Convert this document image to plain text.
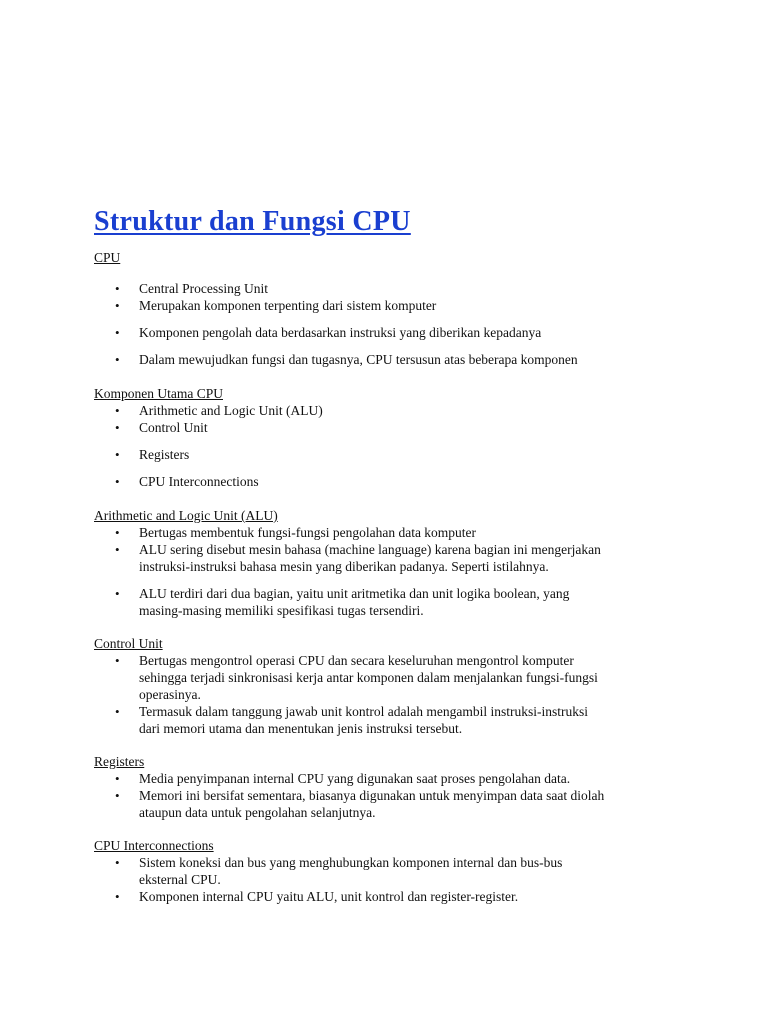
Struktur dan Fungsi CPU

CPU

• Central Processing Unit
• Merupakan komponen terpenting dari sistem komputer
• Komponen pengolah data berdasarkan instruksi yang diberikan kepadanya
• Dalam mewujudkan fungsi dan tugasnya, CPU tersusun atas beberapa komponen

Komponen Utama CPU

• Arithmetic and Logic Unit (ALU)
• Control Unit
• Registers
• CPU Interconnections

Arithmetic and Logic Unit (ALU)

• Bertugas membentuk fungsi-fungsi pengolahan data komputer
• ALU sering disebut mesin bahasa (machine language) karena bagian ini mengerjakan
instruksi-instruksi bahasa mesin yang diberikan padanya. Seperti istilahnya.
• ALU terdiri dari dua bagian, yaitu unit aritmetika dan unit logika boolean, yang
masing-masing memiliki spesifikasi tugas tersendiri.

Control Unit

• Bertugas mengontrol operasi CPU dan secara keseluruhan mengontrol komputer
sehingga terjadi sinkronisasi kerja antar komponen dalam menjalankan fungsi-fungsi
operasinya.
• Termasuk dalam tanggung jawab unit kontrol adalah mengambil instruksi-instruksi
dari memori utama dan menentukan jenis instruksi tersebut.

Registers

• Media penyimpanan internal CPU yang digunakan saat proses pengolahan data.
• Memori ini bersifat sementara, biasanya digunakan untuk menyimpan data saat diolah
ataupun data untuk pengolahan selanjutnya.

CPU Interconnections

• Sistem koneksi dan bus yang menghubungkan komponen internal dan bus-bus
eksternal CPU.
• Komponen internal CPU yaitu ALU, unit kontrol dan register-register.
